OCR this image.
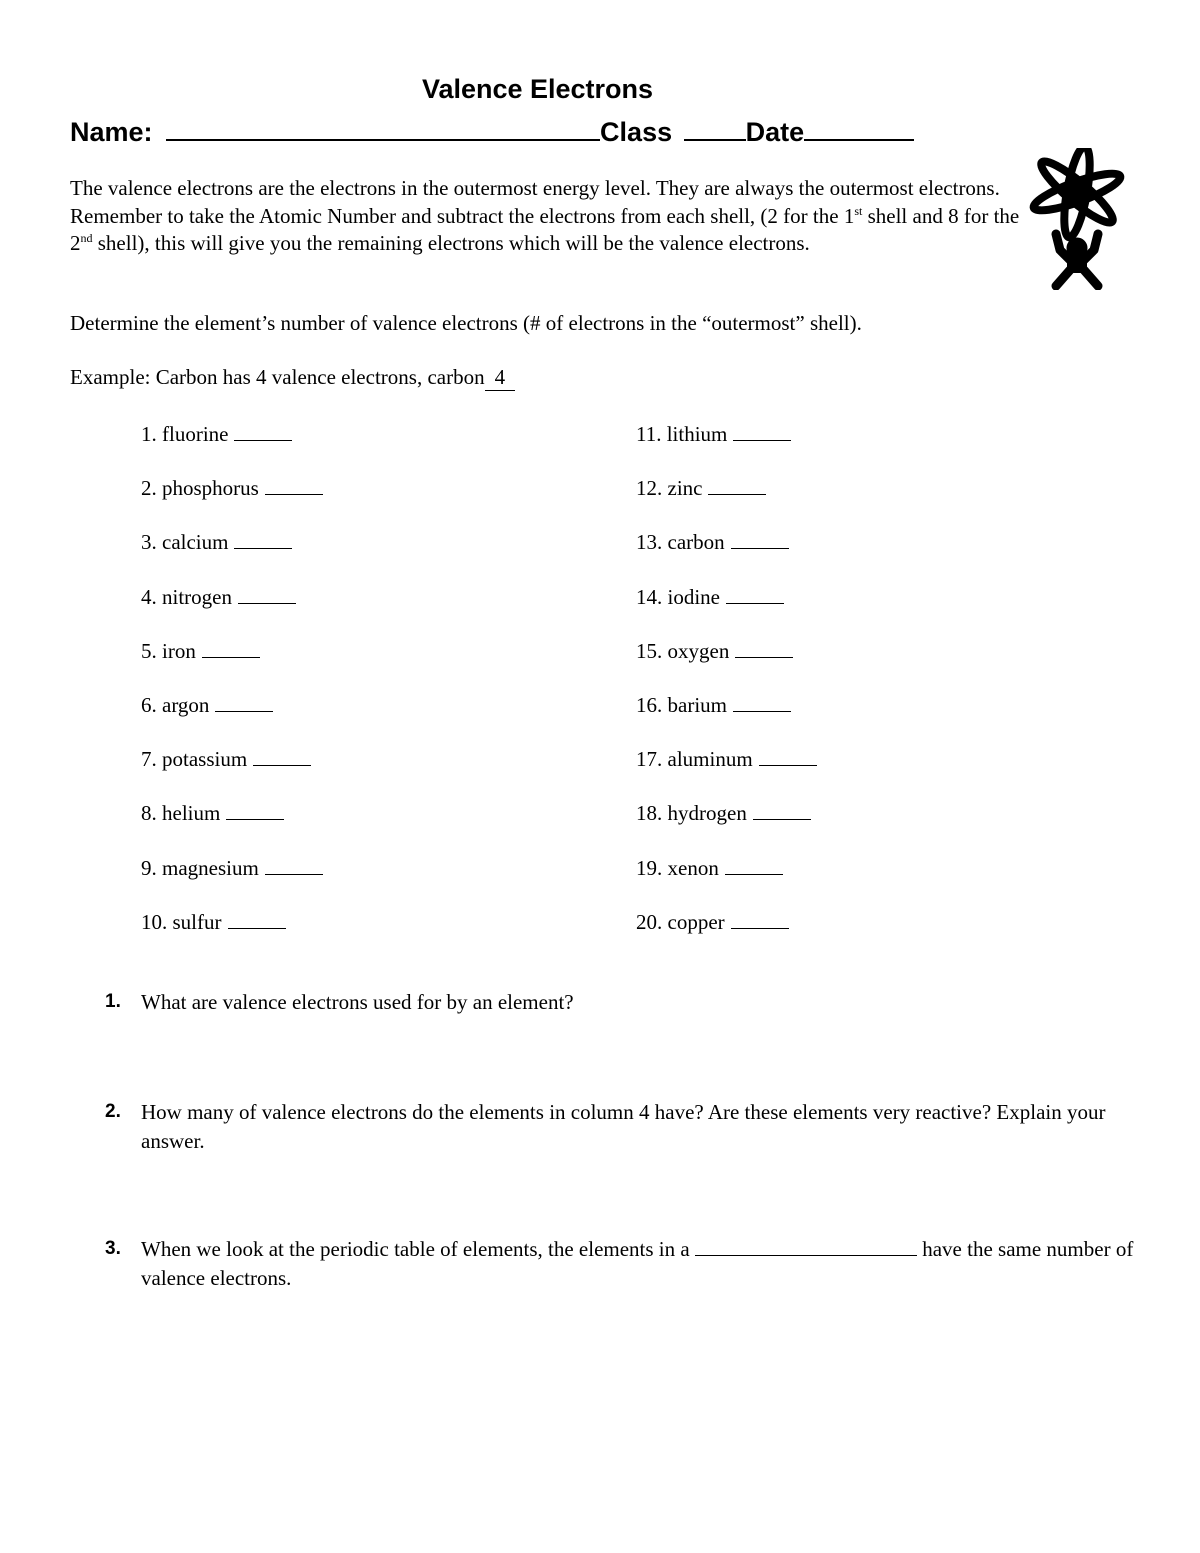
Valence Electrons
Name:	Class	Date

The valence electrons are the electrons in the outermost energy level. They are always the outermost electrons. Remember to take the Atomic Number and subtract the electrons from each shell, (2 for the 1st shell and 8 for the 2nd shell), this will give you the remaining electrons which will be the valence electrons.

Determine the element’s number of valence electrons (# of electrons in the “outermost” shell).

Example: Carbon has 4 valence electrons, carbon 4

1. fluorine
2. phosphorus
3. calcium
4. nitrogen
5. iron
6. argon
7. potassium
8. helium
9. magnesium
10. sulfur
11. lithium
12. zinc
13. carbon
14. iodine
15. oxygen
16. barium
17. aluminum
18. hydrogen
19. xenon
20. copper
1. What are valence electrons used for by an element?
2. How many of valence electrons do the elements in column 4 have? Are these elements very reactive? Explain your answer.
3. When we look at the periodic table of elements, the elements in a	have the same number of valence electrons.
